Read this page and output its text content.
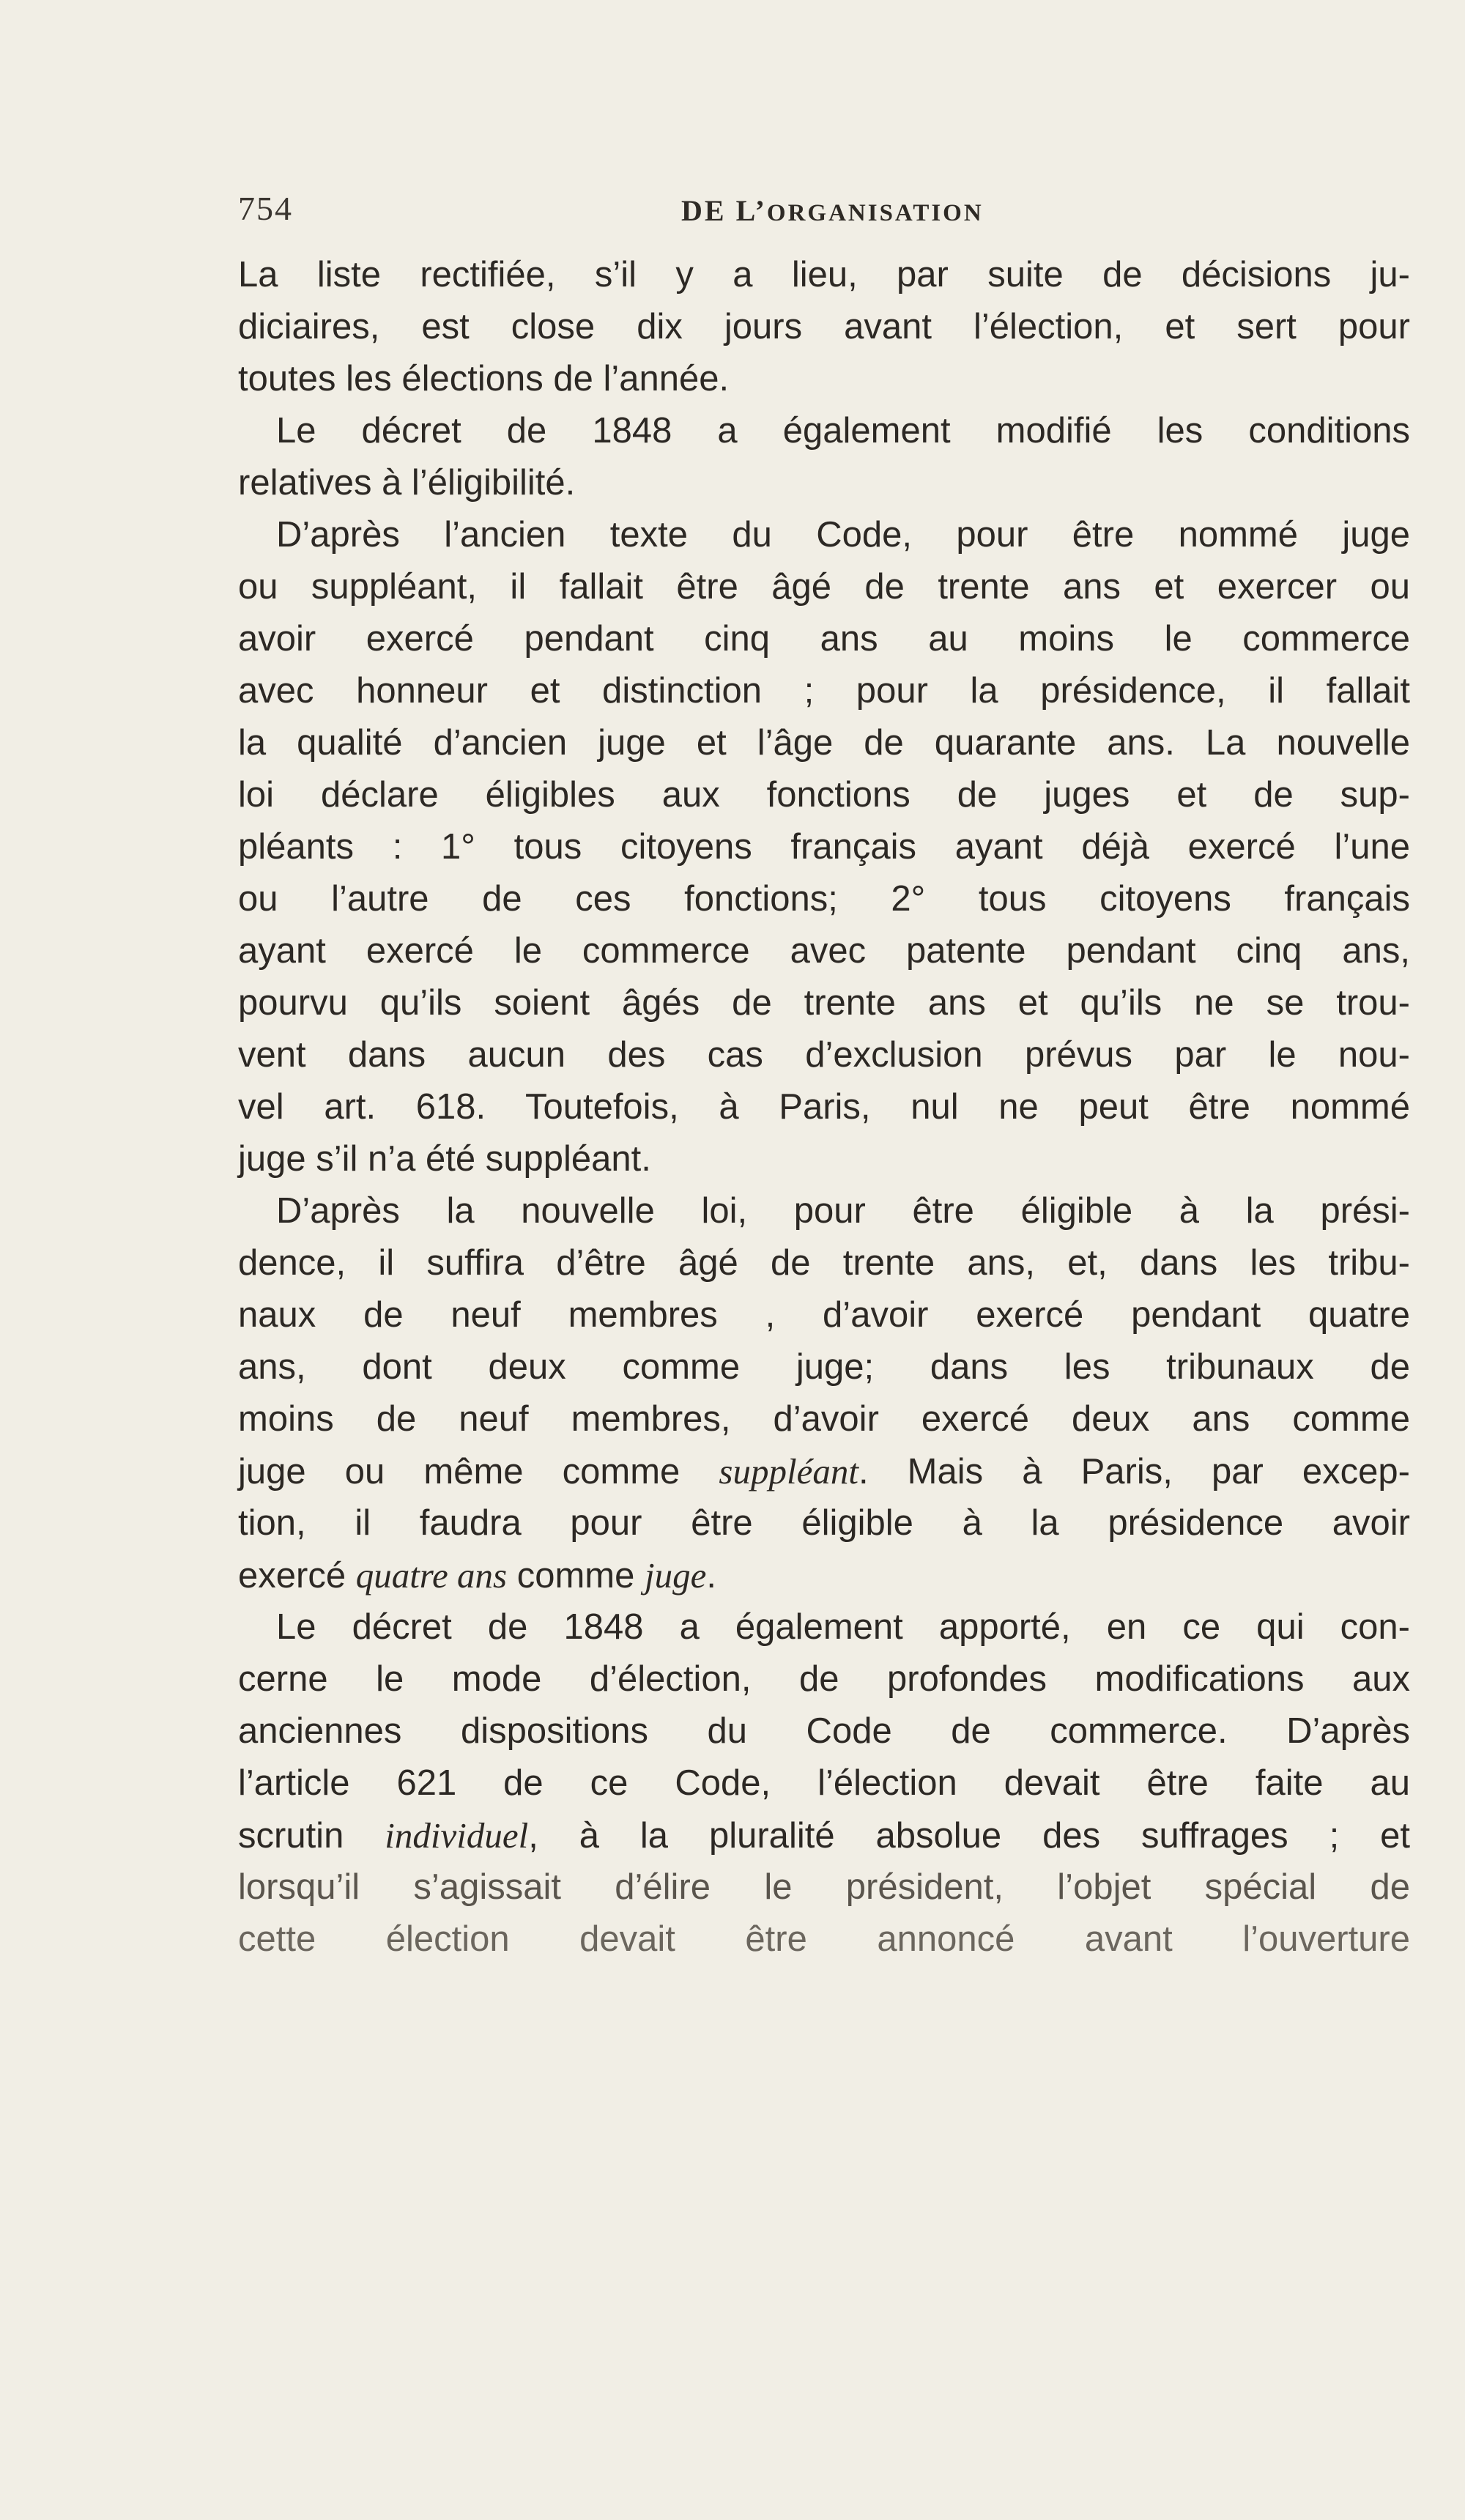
754	DE L’ORGANISATION
La liste rectifiée, s’il y a lieu, par suite de décisions ju-
diciaires, est close dix jours avant l’élection, et sert pour
toutes les élections de l’année.
Le décret de 1848 a également modifié les conditions
relatives à l’éligibilité.
D’après l’ancien texte du Code, pour être nommé juge
ou suppléant, il fallait être âgé de trente ans et exercer ou
avoir exercé pendant cinq ans au moins le commerce
avec honneur et distinction ; pour la présidence, il fallait
la qualité d’ancien juge et l’âge de quarante ans. La nouvelle
loi déclare éligibles aux fonctions de juges et de sup-
pléants : 1° tous citoyens français ayant déjà exercé l’une
ou l’autre de ces fonctions; 2° tous citoyens français
ayant exercé le commerce avec patente pendant cinq ans,
pourvu qu’ils soient âgés de trente ans et qu’ils ne se trou-
vent dans aucun des cas d’exclusion prévus par le nou-
vel art. 618. Toutefois, à Paris, nul ne peut être nommé
juge s’il n’a été suppléant.
D’après la nouvelle loi, pour être éligible à la prési-
dence, il suffira d’être âgé de trente ans, et, dans les tribu-
naux de neuf membres , d’avoir exercé pendant quatre
ans, dont deux comme juge; dans les tribunaux de
moins de neuf membres, d’avoir exercé deux ans comme
juge ou même comme suppléant. Mais à Paris, par excep-
tion, il faudra pour être éligible à la présidence avoir
exercé quatre ans comme juge.
Le décret de 1848 a également apporté, en ce qui con-
cerne le mode d’élection, de profondes modifications aux
anciennes dispositions du Code de commerce. D’après
l’article 621 de ce Code, l’élection devait être faite au
scrutin individuel, à la pluralité absolue des suffrages ; et
lorsqu’il s’agissait d’élire le président, l’objet spécial de
cette élection devait être annoncé avant l’ouverture
